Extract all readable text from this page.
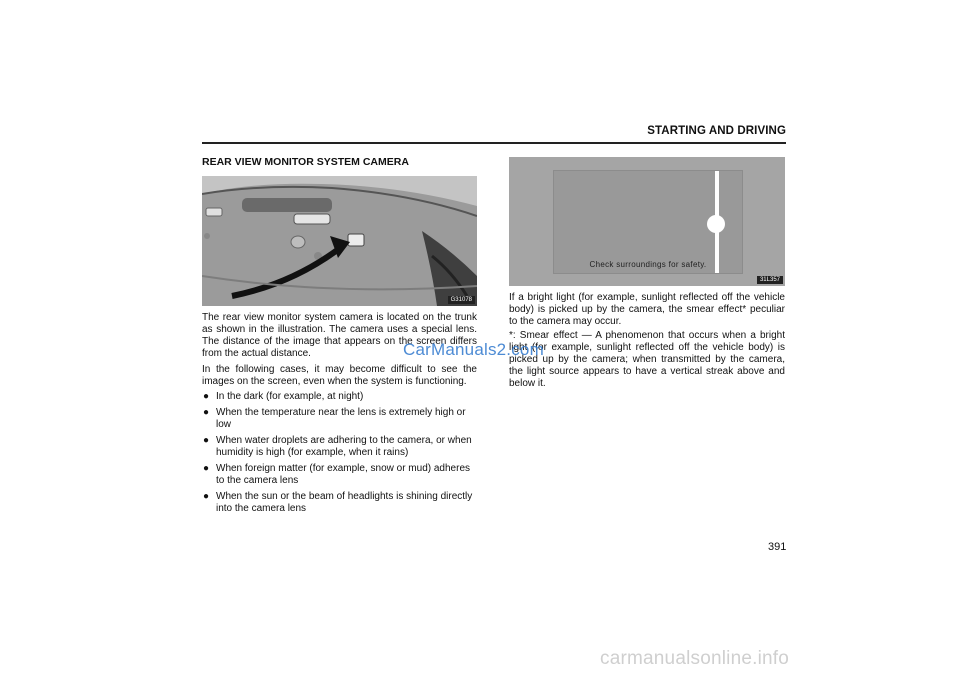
STARTING AND DRIVING
REAR VIEW MONITOR SYSTEM CAMERA
G31078
The rear view monitor system camera is located on the trunk as shown in the illustration. The camera uses a special lens. The distance of the image that appears on the screen differs from the actual distance.
In the following cases, it may become difficult to see the images on the screen, even when the system is functioning.
● In the dark (for example, at night)
● When the temperature near the lens is extremely high or low
● When water droplets are adhering to the camera, or when humidity is high (for example, when it rains)
● When foreign matter (for example, snow or mud) adheres to the camera lens
● When the sun or the beam of headlights is shining directly into the camera lens
Check surroundings for safety.
31L357
If a bright light (for example, sunlight reflected off the vehicle body) is picked up by the camera, the smear effect* peculiar to the camera may occur.
*: Smear effect — A phenomenon that occurs when a bright light (for example, sunlight reflected off the vehicle body) is picked up by the camera; when transmitted by the camera, the light source appears to have a vertical streak above and below it.
391
CarManuals2.com
carmanualsonline.info
